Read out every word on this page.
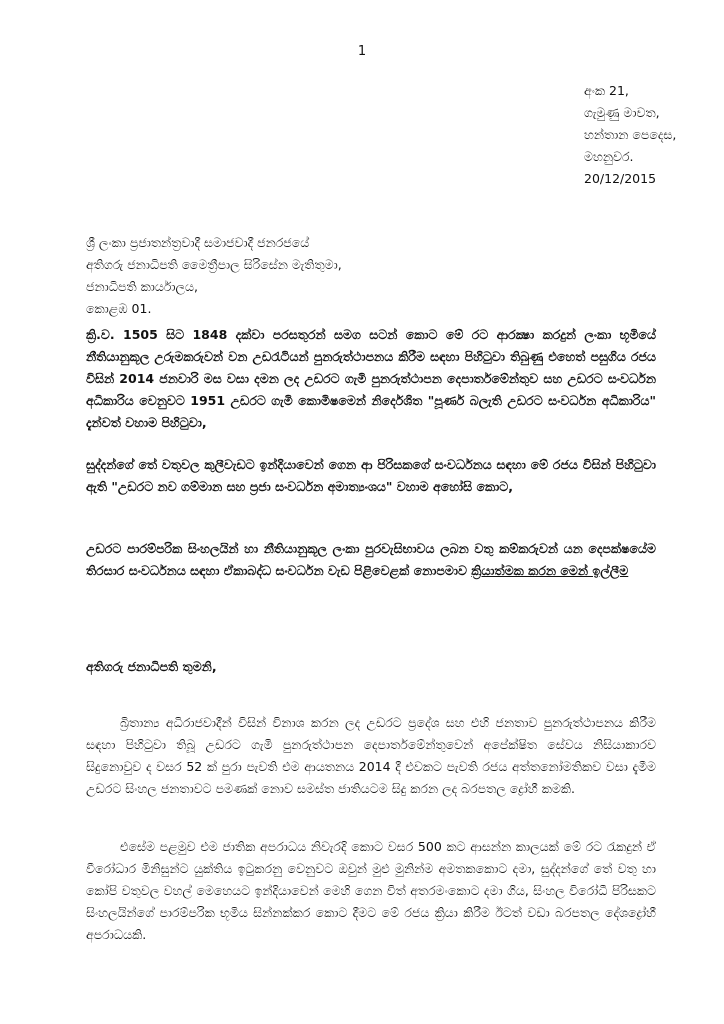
1
අංක 21,
ගැමුණු මාවත,
හන්තාන පෙදෙස,
මහනුවර.
20/12/2015
ශ්‍රී ලංකා ප්‍රජාතන්ත්‍රවාදී සමාජවාදී ජනරජයේ
අතිගරු ජනාධිපති මෛත්‍රීපාල සිරිසේන මැතිතුමා,
ජනාධිපති කාර්යාලය,
කොළඹ 01.
ක්‍රි.ව. 1505 සිට 1848 දක්වා පරසතුරන් සමග සටන් කොට මේ රට ආරක්‍ෂා කරදුන් ලංකා භූමියේ නීතියානුකූල උරුමකරුවන් වන උඩරැටියන් පුනරුත්ථාපනය කිරීම සඳහා පිහිටුවා තිබුණු එහෙත් පසුගිය රජය විසින් 2014 ජනවාරි මස වසා දමන ලද උඩරට ගැමි පුනරුත්ථාපන දෙපාර්තමේන්තුව සහ උඩරට සංවර්ධන අධිකාරිය වෙනුවට 1951 උඩරට ගැමි කොමිෂමෙන් නිර්දෙශිත "පූර්ණ බලැති උඩරට සංවර්ධන අධිකාරිය" දැන්වත් වහාම පිහිටුවා,
සුද්දන්ගේ තේ වතුවල කුලීවැඩට ඉන්දියාවෙන් ගෙන ආ පිරිසකගේ සංවර්ධනය සඳහා මේ රජය විසින් පිහිටුවා ඇති "උඩරට නව ගම්මාන සහ ප්‍රජා සංවර්ධන අමාත්‍යංශය" වහාම අහෝසි කොට,
උඩරට පාරම්පරික සිංහලයින් හා නීතියානුකූල ලංකා පුරවැසිභාවය ලබන වතු කම්කරුවන් යන දෙපක්ෂයේම තිරසාර සංවර්ධනය සඳහා ඒකාබද්ධ සංවර්ධන වැඩ පිළිවෙළක් නොපමාව ක්‍රියාත්මක කරන මෙන් ඉල්ලීම
අතිගරු ජනාධිපති තුමනි,
බ්‍රිතාන්‍ය අධිරාජවාදීන් විසින් විනාශ කරන ලද උඩරට ප්‍රදේශ සහ එහි ජනතාව පුනරුත්ථාපනය කිරීම සඳහා පිහිටුවා තිබූ උඩරට ගැමි පුනරුත්ථාපන දෙපාර්තමේන්තුවෙන් අපේක්ෂිත සේවය නිසියාකාරව සිදුනොවුව ද වසර 52 ක් පුරා පැවති එම ආයතනය 2014 දී එවකට පැවති රජය අත්තනෝමතිකව වසා දැමීම උඩරට සිංහල ජනතාවට පමණක් නොව සමස්ත ජාතියටම සිදු කරන ලද බරපතල ද්‍රෝහී කමකි.
එසේම පළමුව එම ජාතික අපරාධය නිවැරදි කොට වසර 500 කට ආසන්න කාලයක් මේ රට රැකදුන් ඒ වීරෝධාර මිනිසුන්ට යුක්තිය ඉටුකරනු වෙනුවට ඔවුන් මුළු මුනින්ම අමතකකොට දමා, සුද්දන්ගේ තේ වතු හා කෝපි වතුවල වහල් මෙහෙයට ඉන්දියාවෙන් මෙහි ගෙන විත් අතරමංකොට දමා ගිය, සිංහල විරෝධී පිරිසකට සිංහලයින්ගේ පාරම්පරික භූමිය සින්නක්කර කොට දීමට මේ රජය ක්‍රියා කිරීම ඊටත් වඩා බරපතල දේශද්‍රෝහී අපරාධයකි.
